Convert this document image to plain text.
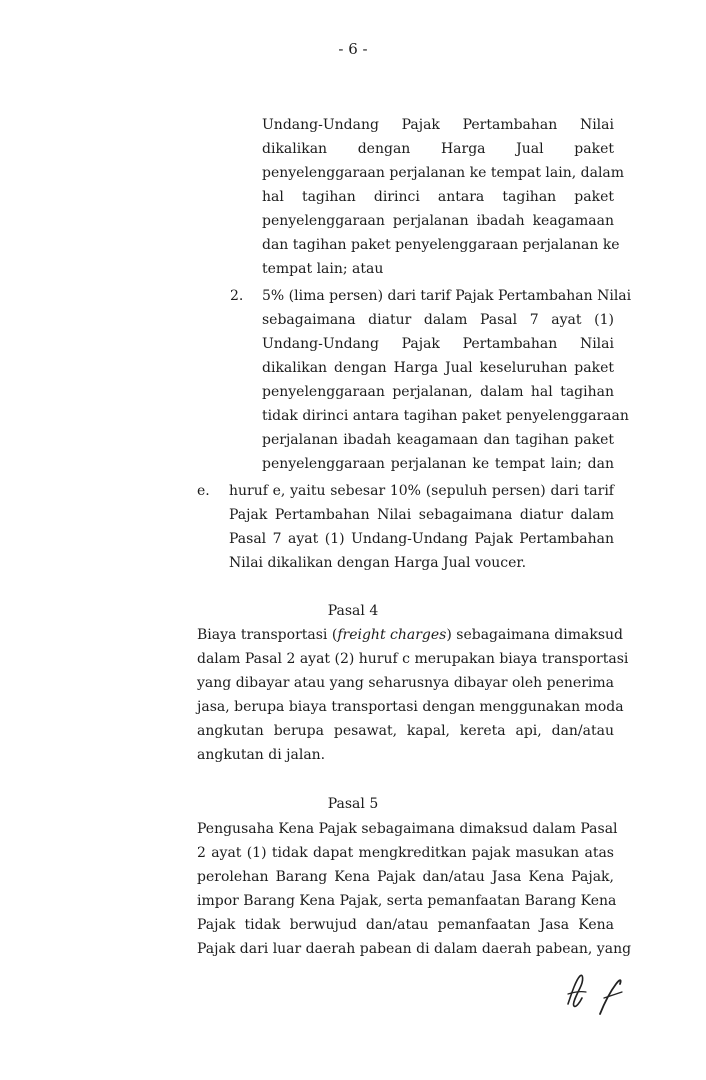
- 6 -
Undang-Undang Pajak Pertambahan Nilai
dikalikan dengan Harga Jual paket
penyelenggaraan perjalanan ke tempat lain, dalam
hal tagihan dirinci antara tagihan paket
penyelenggaraan perjalanan ibadah keagamaan
dan tagihan paket penyelenggaraan perjalanan ke
tempat lain; atau
2. 5% (lima persen) dari tarif Pajak Pertambahan Nilai
sebagaimana diatur dalam Pasal 7 ayat (1)
Undang-Undang Pajak Pertambahan Nilai
dikalikan dengan Harga Jual keseluruhan paket
penyelenggaraan perjalanan, dalam hal tagihan
tidak dirinci antara tagihan paket penyelenggaraan
perjalanan ibadah keagamaan dan tagihan paket
penyelenggaraan perjalanan ke tempat lain; dan
e. huruf e, yaitu sebesar 10% (sepuluh persen) dari tarif
Pajak Pertambahan Nilai sebagaimana diatur dalam
Pasal 7 ayat (1) Undang-Undang Pajak Pertambahan
Nilai dikalikan dengan Harga Jual voucer.
Pasal 4
Biaya transportasi (freight charges) sebagaimana dimaksud
dalam Pasal 2 ayat (2) huruf c merupakan biaya transportasi
yang dibayar atau yang seharusnya dibayar oleh penerima
jasa, berupa biaya transportasi dengan menggunakan moda
angkutan berupa pesawat, kapal, kereta api, dan/atau
angkutan di jalan.
Pasal 5
Pengusaha Kena Pajak sebagaimana dimaksud dalam Pasal
2 ayat (1) tidak dapat mengkreditkan pajak masukan atas
perolehan Barang Kena Pajak dan/atau Jasa Kena Pajak,
impor Barang Kena Pajak, serta pemanfaatan Barang Kena
Pajak tidak berwujud dan/atau pemanfaatan Jasa Kena
Pajak dari luar daerah pabean di dalam daerah pabean, yang
